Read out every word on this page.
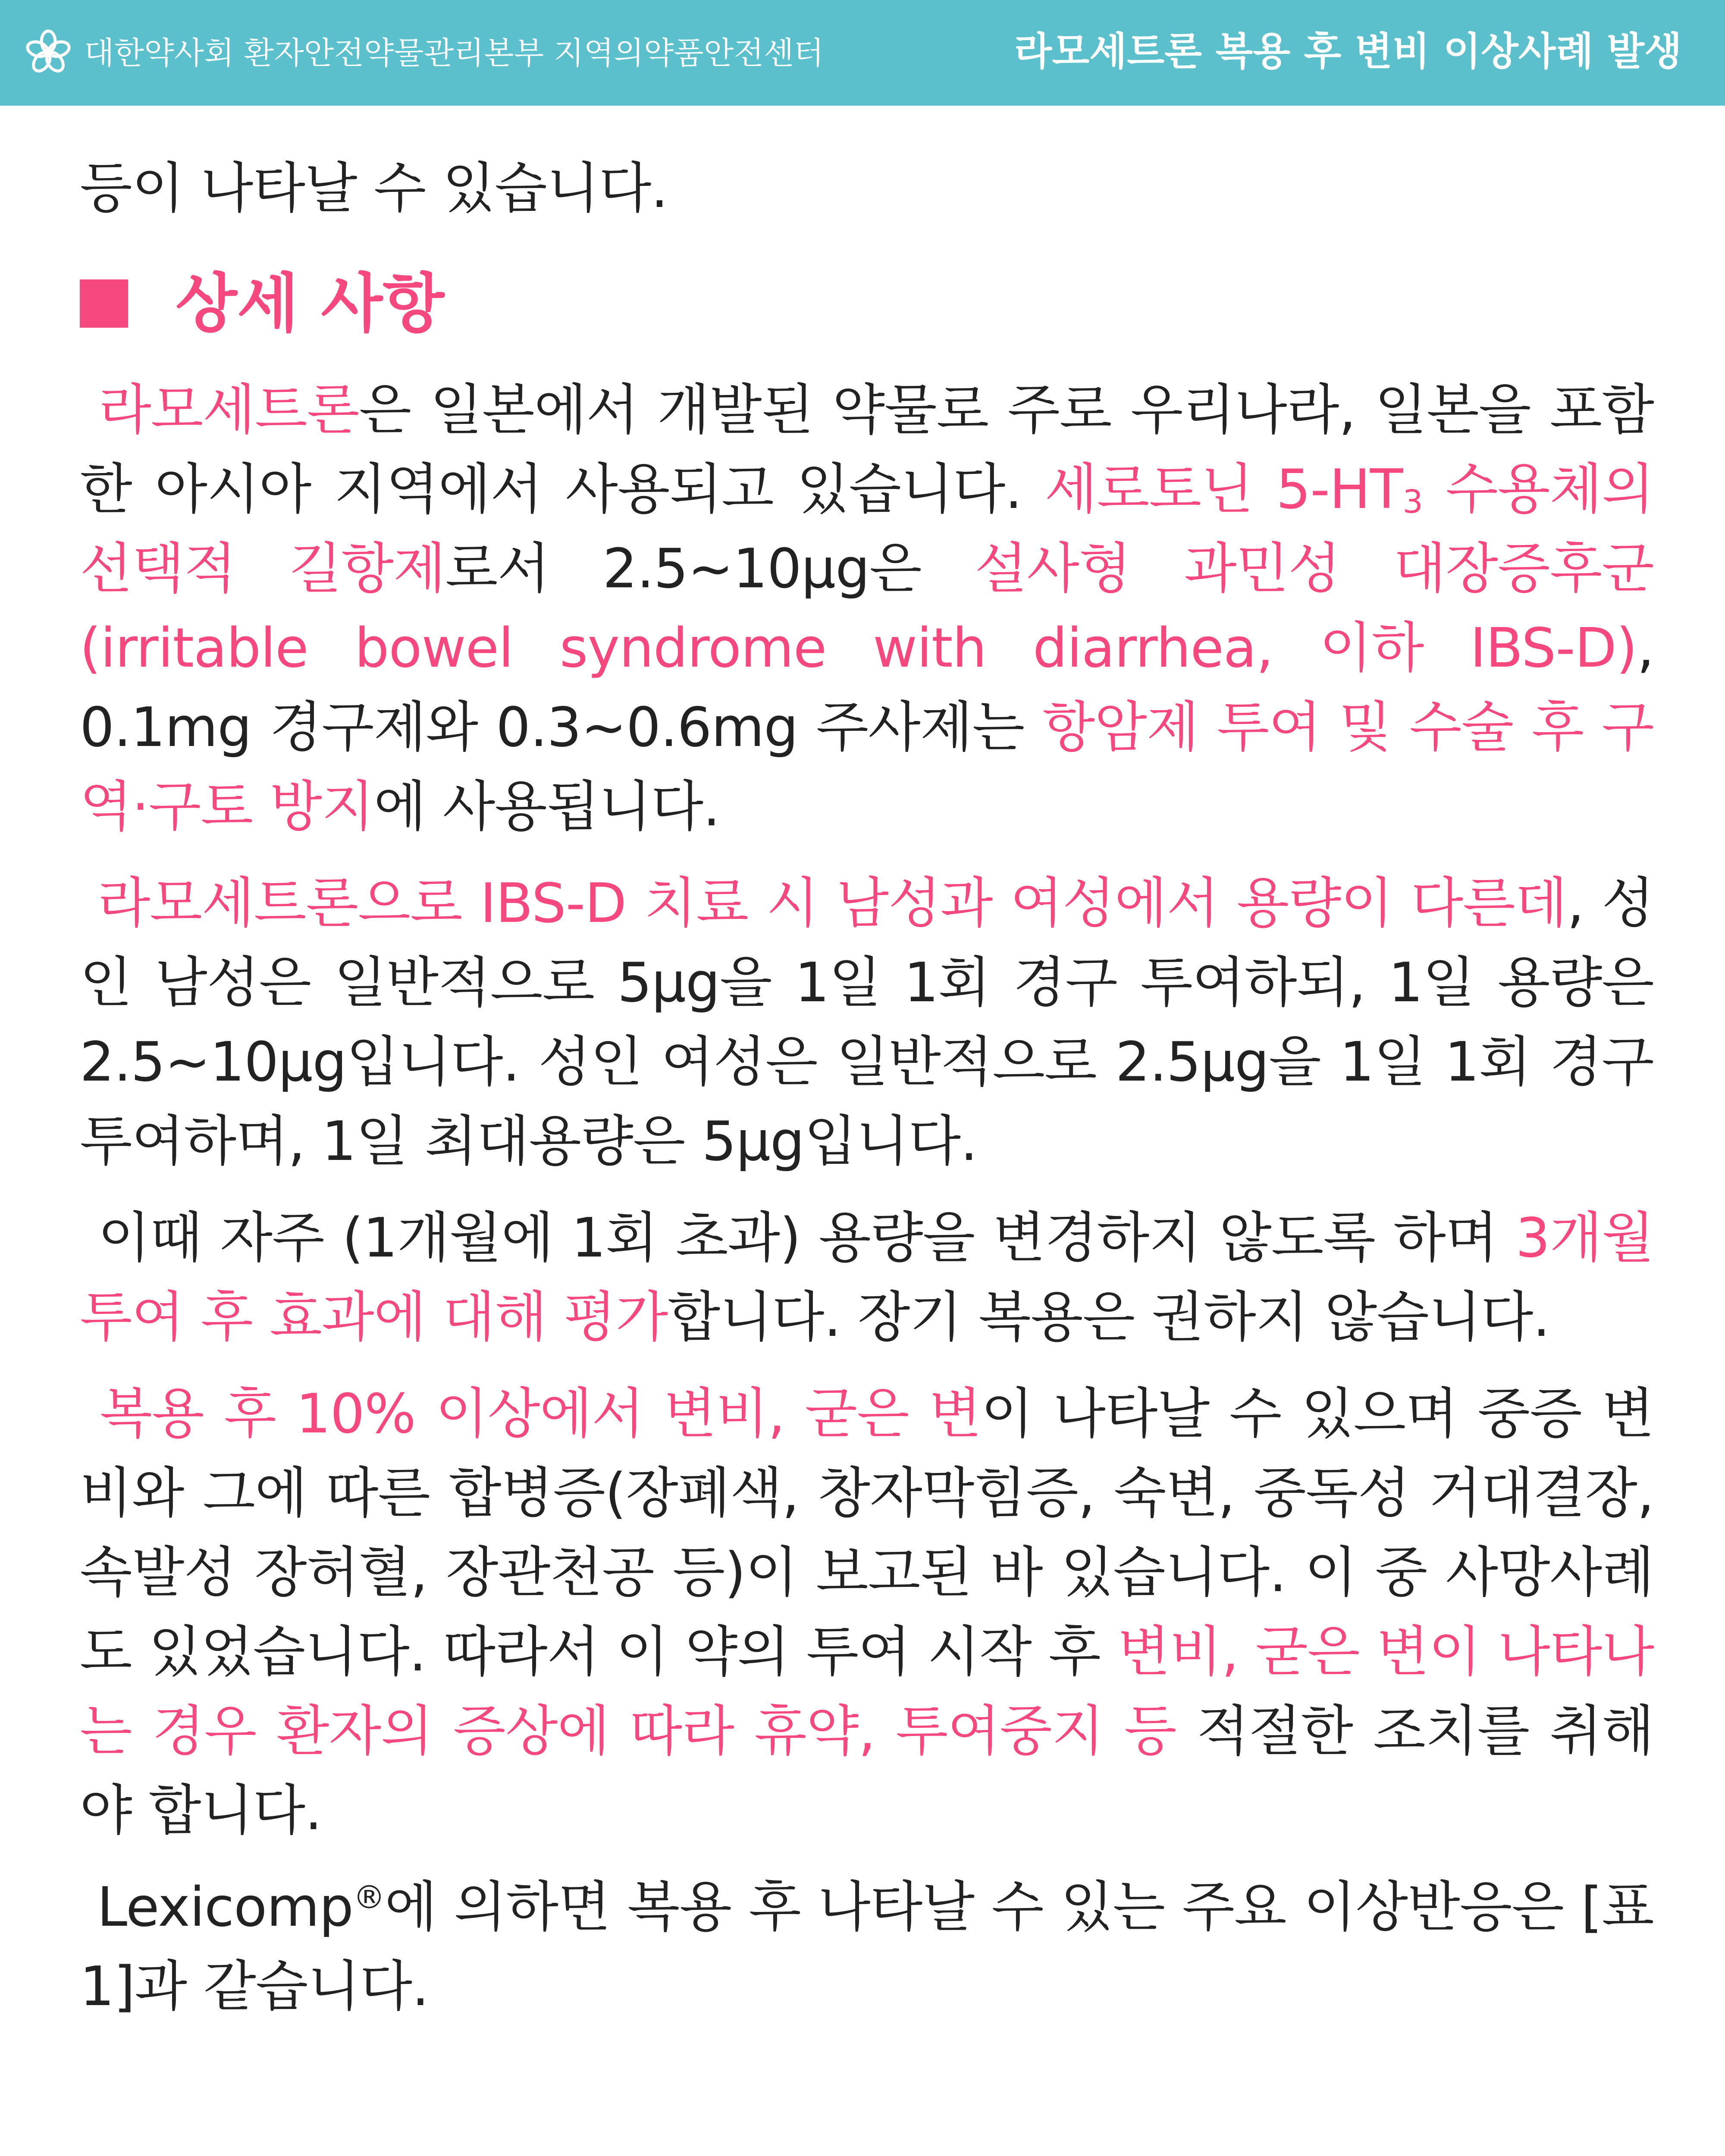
대한약사회 환자안전약물관리본부 지역의약품안전센터	라모세트론 복용 후 변비 이상사례 발생

등이 나타날 수 있습니다.

상세 사항

라모세트론은 일본에서 개발된 약물로 주로 우리나라, 일본을 포함한 아시아 지역에서 사용되고 있습니다. 세로토닌 $5-HT_3$ 수용체의 선택적 길항제로서 2.5~10μg은 설사형 과민성 대장증후군(irritable bowel syndrome with diarrhea, 이하 IBS-D), 0.1mg 경구제와 0.3~0.6mg 주사제는 항암제 투여 및 수술 후 구역·구토 방지에 사용됩니다.

라모세트론으로 IBS-D 치료 시 남성과 여성에서 용량이 다른데, 성인 남성은 일반적으로 5μg을 1일 1회 경구 투여하되, 1일 용량은 2.5~10μg입니다. 성인 여성은 일반적으로 2.5μg을 1일 1회 경구 투여하며, 1일 최대용량은 5μg입니다.

이때 자주 (1개월에 1회 초과) 용량을 변경하지 않도록 하며 3개월 투여 후 효과에 대해 평가합니다. 장기 복용은 권하지 않습니다.

복용 후 10% 이상에서 변비, 굳은 변이 나타날 수 있으며 중증 변비와 그에 따른 합병증(장폐색, 창자막힘증, 숙변, 중독성 거대결장, 속발성 장허혈, 장관천공 등)이 보고된 바 있습니다. 이 중 사망사례도 있었습니다. 따라서 이 약의 투여 시작 후 변비, 굳은 변이 나타나는 경우 환자의 증상에 따라 휴약, 투여중지 등 적절한 조치를 취해야 합니다.

Lexicomp®에 의하면 복용 후 나타날 수 있는 주요 이상반응은 [표 1]과 같습니다.
